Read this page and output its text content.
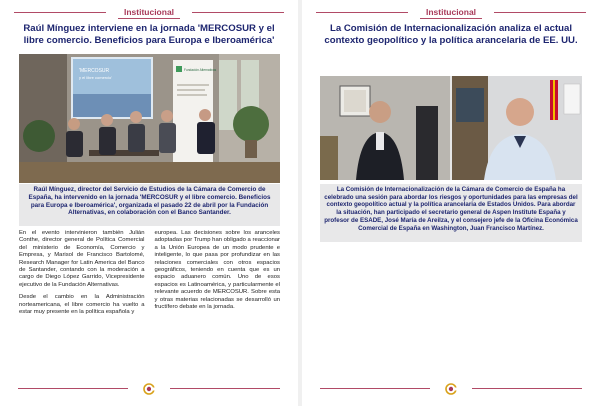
Institucional
Raúl Mínguez interviene en la jornada 'MERCOSUR y el libre comercio. Beneficios para Europa e Iberoamérica'
'MERCOSUR
y el libre comercio'
Fundación Alternativas

Raúl Mínguez, director del Servicio de Estudios de la Cámara de Comercio de España, ha intervenido en la jornada 'MERCOSUR y el libre comercio. Beneficios para Europa e Iberoamérica', organizada el pasado 22 de abril por la Fundación Alternativas, en colaboración con el Banco Santander.

En el evento intervinieron también Julián Conthe, director general de Política Comercial del ministerio de Economía, Comercio y Empresa, y Marisol de Francisco Bartolomé, Research Manager for Latin America del Banco de Santander, contando con la moderación a cargo de Diego López Garrido, Vicepresidente ejecutivo de la Fundación Alternativas.

Desde el cambio en la Administración norteamericana, el libre comercio ha vuelto a estar muy presente en la política española y

europea. Las decisiones sobre los aranceles adoptadas por Trump han obligado a reaccionar a la Unión Europea de un modo prudente e inteligente, lo que pasa por profundizar en las relaciones comerciales con otros espacios geográficos, teniendo en cuenta que es un espacio aduanero común. Uno de esos espacios es Latinoamérica, y particularmente el relevante acuerdo de MERCOSUR. Sobre esta y otras materias relacionadas se desarrolló un fructífero debate en la jornada.

Institucional
La Comisión de Internacionalización analiza el actual contexto geopolítico y la política arancelaria de EE. UU.

La Comisión de Internacionalización de la Cámara de Comercio de España ha celebrado una sesión para abordar los riesgos y oportunidades para las empresas del contexto geopolítico actual y la política arancelaria de Estados Unidos. Para abordar la situación, han participado el secretario general de Aspen Institute España y profesor de ESADE, José María de Areilza, y el consejero jefe de la Oficina Económica Comercial de España en Washington, Juan Francisco Martínez.
